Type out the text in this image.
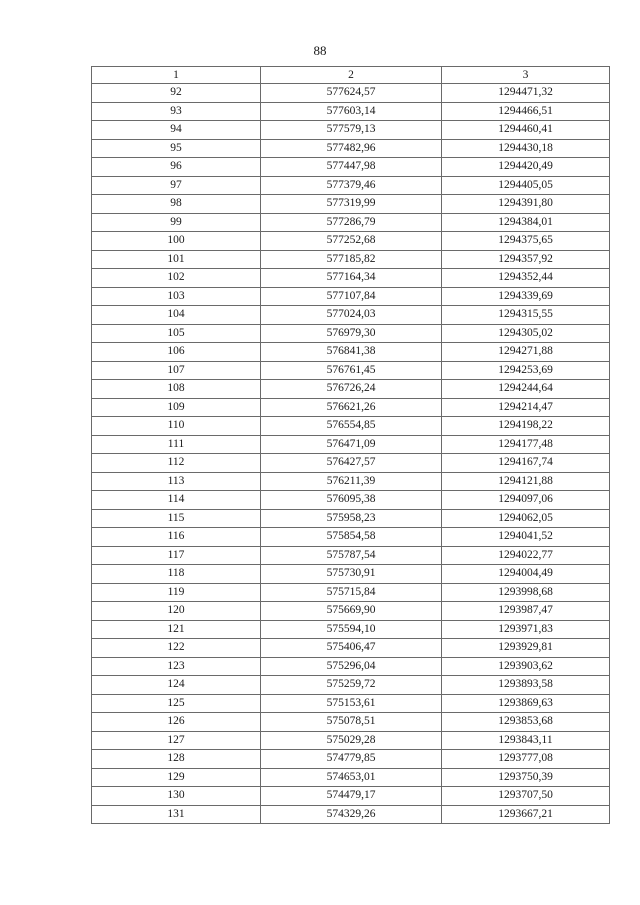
88
1	2	3
92	577624,57	1294471,32
93	577603,14	1294466,51
94	577579,13	1294460,41
95	577482,96	1294430,18
96	577447,98	1294420,49
97	577379,46	1294405,05
98	577319,99	1294391,80
99	577286,79	1294384,01
100	577252,68	1294375,65
101	577185,82	1294357,92
102	577164,34	1294352,44
103	577107,84	1294339,69
104	577024,03	1294315,55
105	576979,30	1294305,02
106	576841,38	1294271,88
107	576761,45	1294253,69
108	576726,24	1294244,64
109	576621,26	1294214,47
110	576554,85	1294198,22
111	576471,09	1294177,48
112	576427,57	1294167,74
113	576211,39	1294121,88
114	576095,38	1294097,06
115	575958,23	1294062,05
116	575854,58	1294041,52
117	575787,54	1294022,77
118	575730,91	1294004,49
119	575715,84	1293998,68
120	575669,90	1293987,47
121	575594,10	1293971,83
122	575406,47	1293929,81
123	575296,04	1293903,62
124	575259,72	1293893,58
125	575153,61	1293869,63
126	575078,51	1293853,68
127	575029,28	1293843,11
128	574779,85	1293777,08
129	574653,01	1293750,39
130	574479,17	1293707,50
131	574329,26	1293667,21
